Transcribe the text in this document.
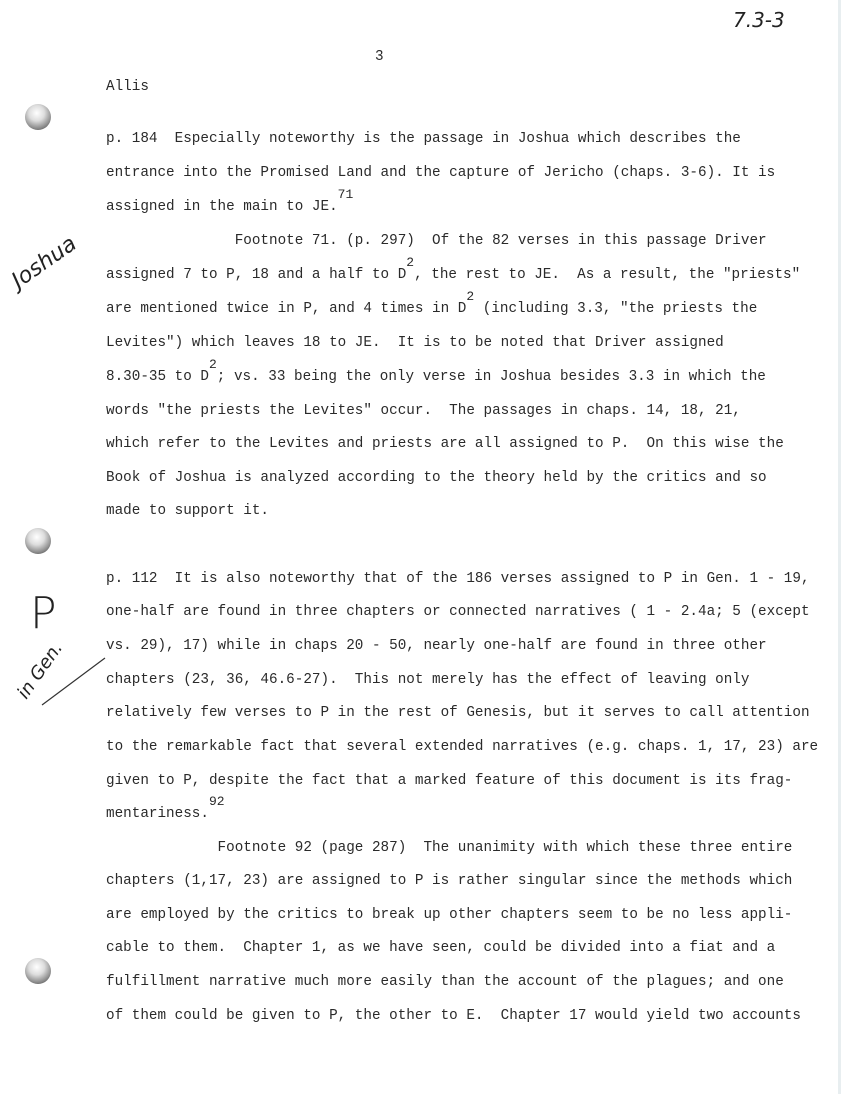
7.3-3
3
Allis
Joshua
P
in Gen.
p. 184  Especially noteworthy is the passage in Joshua which describes the
entrance into the Promised Land and the capture of Jericho (chaps. 3-6). It is
assigned in the main to JE.71
Footnote 71. (p. 297)  Of the 82 verses in this passage Driver
assigned 7 to P, 18 and a half to D2, the rest to JE.  As a result, the "priests"
are mentioned twice in P, and 4 times in D2 (including 3.3, "the priests the
Levites") which leaves 18 to JE.  It is to be noted that Driver assigned
8.30-35 to D2; vs. 33 being the only verse in Joshua besides 3.3 in which the
words "the priests the Levites" occur.  The passages in chaps. 14, 18, 21,
which refer to the Levites and priests are all assigned to P.  On this wise the
Book of Joshua is analyzed according to the theory held by the critics and so
made to support it.
p. 112  It is also noteworthy that of the 186 verses assigned to P in Gen. 1 - 19,
one-half are found in three chapters or connected narratives ( 1 - 2.4a; 5 (except
vs. 29), 17) while in chaps 20 - 50, nearly one-half are found in three other
chapters (23, 36, 46.6-27).  This not merely has the effect of leaving only
relatively few verses to P in the rest of Genesis, but it serves to call attention
to the remarkable fact that several extended narratives (e.g. chaps. 1, 17, 23) are
given to P, despite the fact that a marked feature of this document is its frag-
mentariness.92
Footnote 92 (page 287)  The unanimity with which these three entire
chapters (1,17, 23) are assigned to P is rather singular since the methods which
are employed by the critics to break up other chapters seem to be no less appli-
cable to them.  Chapter 1, as we have seen, could be divided into a fiat and a
fulfillment narrative much more easily than the account of the plagues; and one
of them could be given to P, the other to E.  Chapter 17 would yield two accounts
